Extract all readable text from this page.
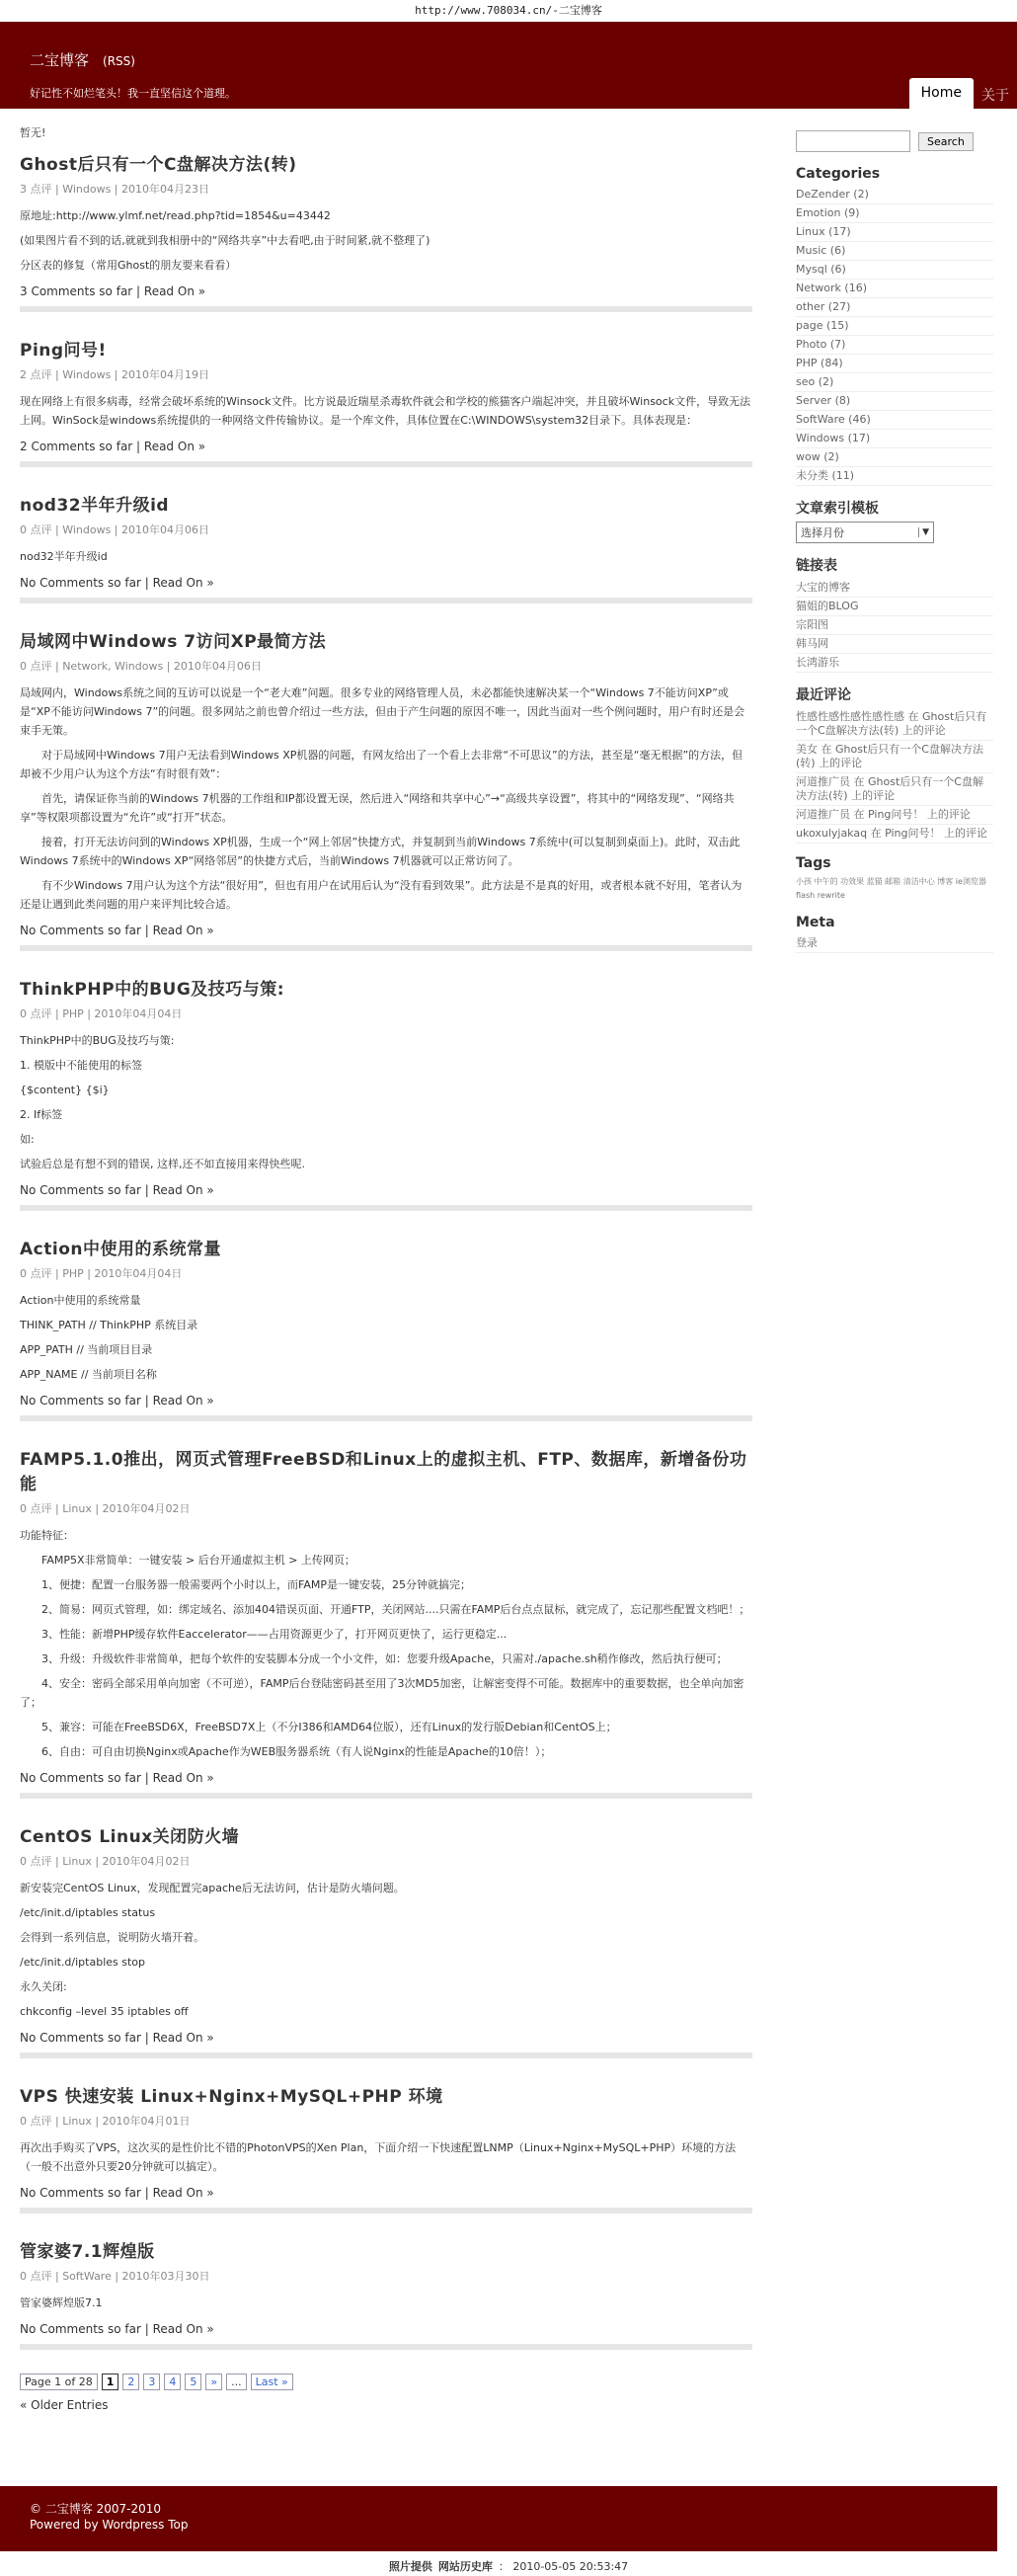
http://www.708034.cn/-二宝博客
二宝博客 (RSS)
好记性不如烂笔头！我一直坚信这个道理。	Home	关于
暂无!
Ghost后只有一个C盘解决方法(转)
3 点评 | Windows | 2010年04月23日

原地址:http://www.ylmf.net/read.php?tid=1854&u=43442

(如果图片看不到的话,就就到我相册中的“网络共享”中去看吧,由于时间紧,就不整理了)

分区表的修复（常用Ghost的朋友要来看看）

3 Comments so far | Read On »
Ping问号!
2 点评 | Windows | 2010年04月19日

现在网络上有很多病毒，经常会破坏系统的Winsock文件。比方说最近瑞星杀毒软件就会和学校的熊猫客户端起冲突，并且破坏Winsock文件，导致无法上网。WinSock是windows系统提供的一种网络文件传输协议。是一个库文件，具体位置在C:\WINDOWS\system32目录下。具体表现是：

2 Comments so far | Read On »
nod32半年升级id
0 点评 | Windows | 2010年04月06日

nod32半年升级id

No Comments so far | Read On »
局域网中Windows 7访问XP最简方法
0 点评 | Network, Windows | 2010年04月06日

局域网内，Windows系统之间的互访可以说是一个“老大难”问题。很多专业的网络管理人员，未必都能快速解决某一个“Windows 7不能访问XP”或是“XP不能访问Windows 7”的问题。很多网站之前也曾介绍过一些方法，但由于产生问题的原因不唯一，因此当面对一些个例问题时，用户有时还是会束手无策。

对于局域网中Windows 7用户无法看到Windows XP机器的问题，有网友给出了一个看上去非常“不可思议”的方法，甚至是“毫无根据”的方法，但却被不少用户认为这个方法“有时很有效”：

首先，请保证你当前的Windows 7机器的工作组和IP都设置无误，然后进入“网络和共享中心”→“高级共享设置”，将其中的“网络发现”、“网络共享”等权限项都设置为“允许”或“打开”状态。

接着，打开无法访问到的Windows XP机器，生成一个“网上邻居”快捷方式，并复制到当前Windows 7系统中(可以复制到桌面上)。此时，双击此Windows 7系统中的Windows XP“网络邻居”的快捷方式后，当前Windows 7机器就可以正常访问了。

有不少Windows 7用户认为这个方法“很好用”，但也有用户在试用后认为“没有看到效果”。此方法是不是真的好用，或者根本就不好用，笔者认为还是让遇到此类问题的用户来评判比较合适。

No Comments so far | Read On »
ThinkPHP中的BUG及技巧与策:
0 点评 | PHP | 2010年04月04日

ThinkPHP中的BUG及技巧与策:

1. 模版中不能使用的标签

{$content} {$i}

2. If标签

如:

试验后总是有想不到的错误, 这样,还不如直接用来得快些呢.

No Comments so far | Read On »
Action中使用的系统常量
0 点评 | PHP | 2010年04月04日

Action中使用的系统常量

THINK_PATH // ThinkPHP 系统目录

APP_PATH // 当前项目目录

APP_NAME // 当前项目名称

No Comments so far | Read On »
FAMP5.1.0推出，网页式管理FreeBSD和Linux上的虚拟主机、FTP、数据库，新增备份功能
0 点评 | Linux | 2010年04月02日

功能特征：

FAMP5X非常简单：一键安装 > 后台开通虚拟主机 > 上传网页；

1、便捷：配置一台服务器一般需要两个小时以上，而FAMP是一键安装，25分钟就搞完；

2、简易：网页式管理，如：绑定域名、添加404错误页面、开通FTP，关闭网站....只需在FAMP后台点点鼠标，就完成了，忘记那些配置文档吧！；

3、性能：新增PHP缓存软件Eaccelerator——占用资源更少了，打开网页更快了，运行更稳定...

3、升级：升级软件非常简单，把每个软件的安装脚本分成一个小文件，如：您要升级Apache，只需对./apache.sh稍作修改，然后执行便可；

4、安全：密码全部采用单向加密（不可逆），FAMP后台登陆密码甚至用了3次MD5加密，让解密变得不可能。数据库中的重要数据，也全单向加密了；

5、兼容：可能在FreeBSD6X，FreeBSD7X上（不分I386和AMD64位版），还有Linux的发行版Debian和CentOS上；

6、自由：可自由切换Nginx或Apache作为WEB服务器系统（有人说Nginx的性能是Apache的10倍！）；

No Comments so far | Read On »
CentOS Linux关闭防火墙
0 点评 | Linux | 2010年04月02日

新安装完CentOS Linux，发现配置完apache后无法访问，估计是防火墙问题。

/etc/init.d/iptables status

会得到一系列信息，说明防火墙开着。

/etc/init.d/iptables stop

永久关闭:

chkconfig –level 35 iptables off

No Comments so far | Read On »
VPS 快速安装 Linux+Nginx+MySQL+PHP 环境
0 点评 | Linux | 2010年04月01日

再次出手购买了VPS，这次买的是性价比不错的PhotonVPS的Xen Plan，下面介绍一下快速配置LNMP（Linux+Nginx+MySQL+PHP）环境的方法（一般不出意外只要20分钟就可以搞定）。

No Comments so far | Read On »
管家婆7.1辉煌版
0 点评 | SoftWare | 2010年03月30日

管家婆辉煌版7.1

No Comments so far | Read On »
Page 1 of 28	1	2	3	4	5	»	...	Last »
« Older Entries
Search
Categories
DeZender (2)
Emotion (9)
Linux (17)
Music (6)
Mysql (6)
Network (16)
other (27)
page (15)
Photo (7)
PHP (84)
seo (2)
Server (8)
SoftWare (46)
Windows (17)
wow (2)
未分类 (11)
文章索引模板
选择月份	▼
链接表
大宝的博客
猫姐的BLOG
宗阳图
韩马网
长鸿游乐
最近评论
性感性感性感性感性感 在 Ghost后只有一个C盘解决方法(转) 上的评论
美女 在 Ghost后只有一个C盘解决方法(转) 上的评论
河道推广员 在 Ghost后只有一个C盘解决方法(转) 上的评论
河道推广员 在 Ping问号！ 上的评论
ukoxulyjakaq 在 Ping问号！ 上的评论
Tags
小孩 中午的 功效果 蓝猫 邮箱 清洁中心 博客 ie浏览器 flash rewrite
Meta
登录
© 二宝博客 2007-2010
Powered by Wordpress Top
照片提供 网站历史库 ： 2010-05-05 20:53:47
